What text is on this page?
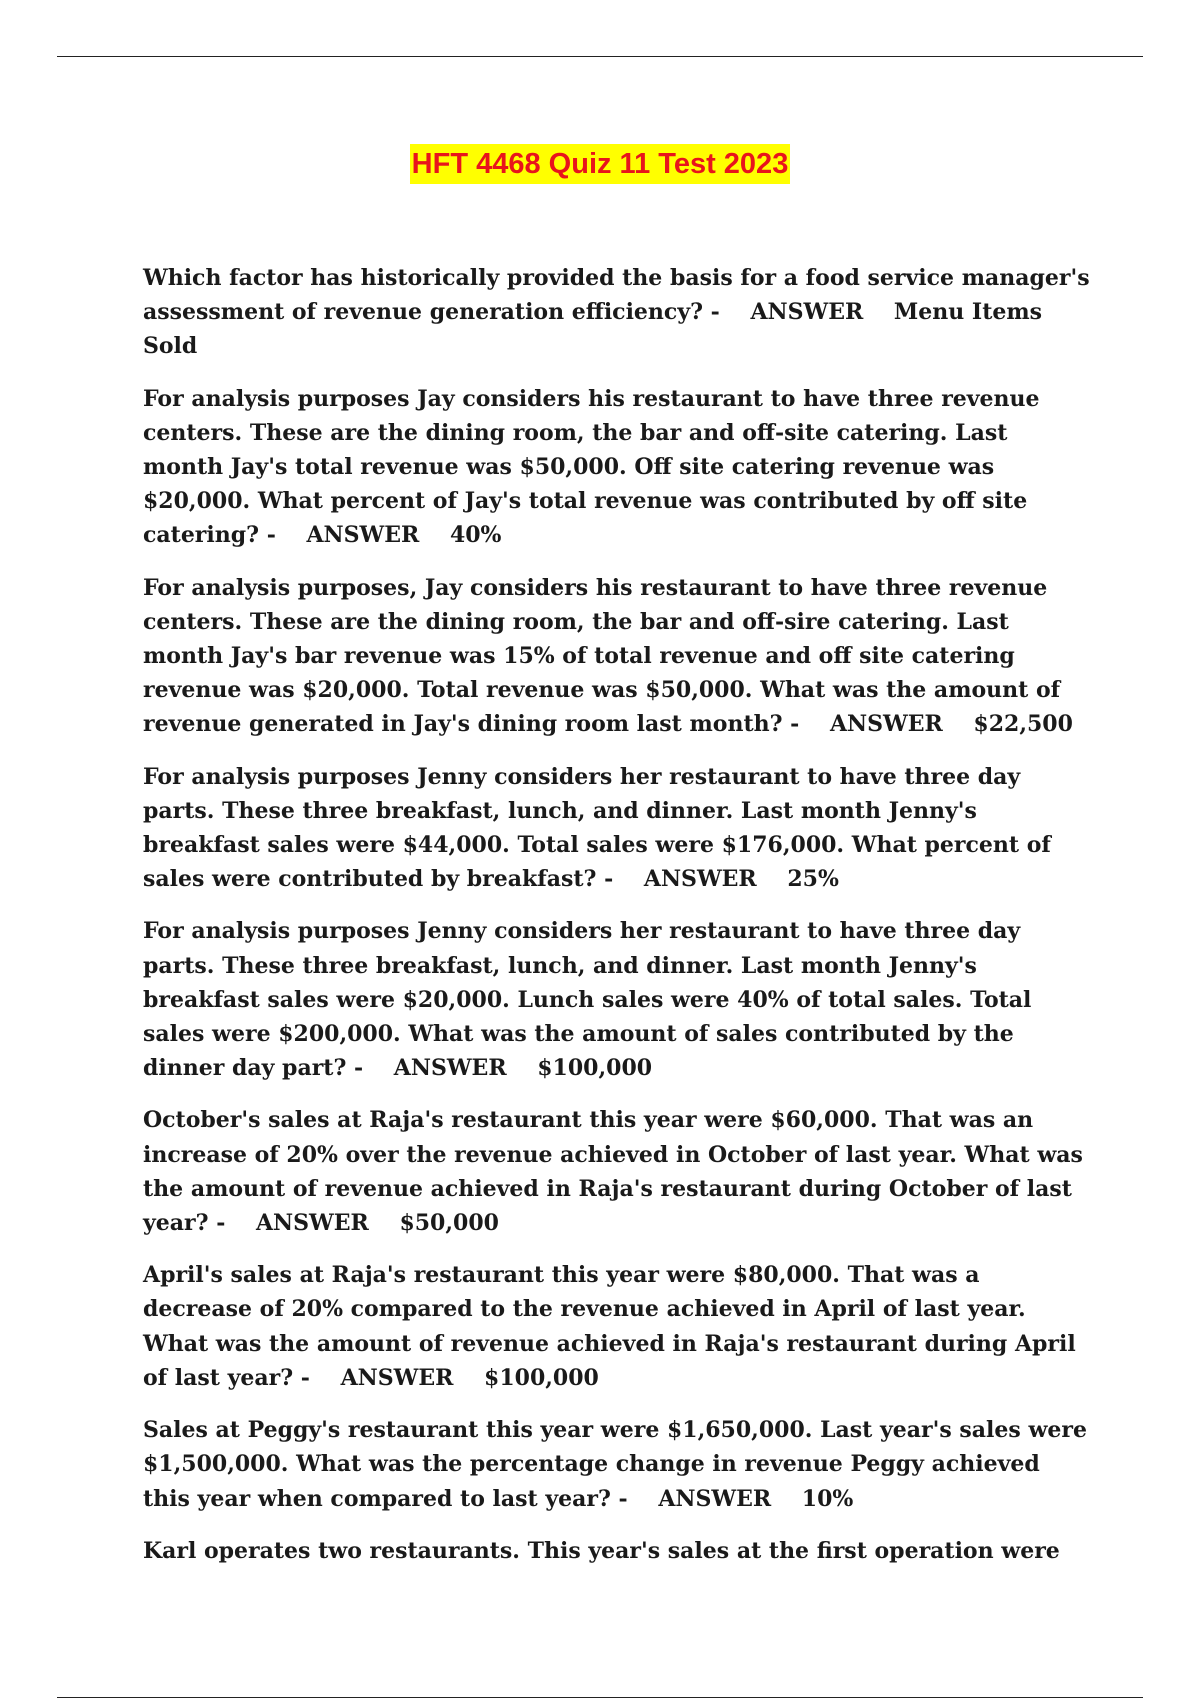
HFT 4468 Quiz 11 Test 2023

Which factor has historically provided the basis for a food service manager's assessment of revenue generation efficiency? -    ANSWER Menu Items Sold

For analysis purposes Jay considers his restaurant to have three revenue centers. These are the dining room, the bar and off-site catering. Last month Jay's total revenue was $50,000. Off site catering revenue was $20,000. What percent of Jay's total revenue was contributed by off site catering? -    ANSWER 40%

For analysis purposes, Jay considers his restaurant to have three revenue centers. These are the dining room, the bar and off-sire catering. Last month Jay's bar revenue was 15% of total revenue and off site catering revenue was $20,000. Total revenue was $50,000. What was the amount of revenue generated in Jay's dining room last month? -    ANSWER $22,500

For analysis purposes Jenny considers her restaurant to have three day parts. These three breakfast, lunch, and dinner. Last month Jenny's breakfast sales were $44,000. Total sales were $176,000. What percent of sales were contributed by breakfast? -    ANSWER 25%

For analysis purposes Jenny considers her restaurant to have three day parts. These three breakfast, lunch, and dinner. Last month Jenny's breakfast sales were $20,000. Lunch sales were 40% of total sales. Total sales were $200,000. What was the amount of sales contributed by the dinner day part? -    ANSWER $100,000

October's sales at Raja's restaurant this year were $60,000. That was an increase of 20% over the revenue achieved in October of last year. What was the amount of revenue achieved in Raja's restaurant during October of last year? -    ANSWER $50,000

April's sales at Raja's restaurant this year were $80,000. That was a decrease of 20% compared to the revenue achieved in April of last year. What was the amount of revenue achieved in Raja's restaurant during April of last year? -    ANSWER $100,000

Sales at Peggy's restaurant this year were $1,650,000. Last year's sales were $1,500,000. What was the percentage change in revenue Peggy achieved this year when compared to last year? -    ANSWER 10%

Karl operates two restaurants. This year's sales at the first operation were
